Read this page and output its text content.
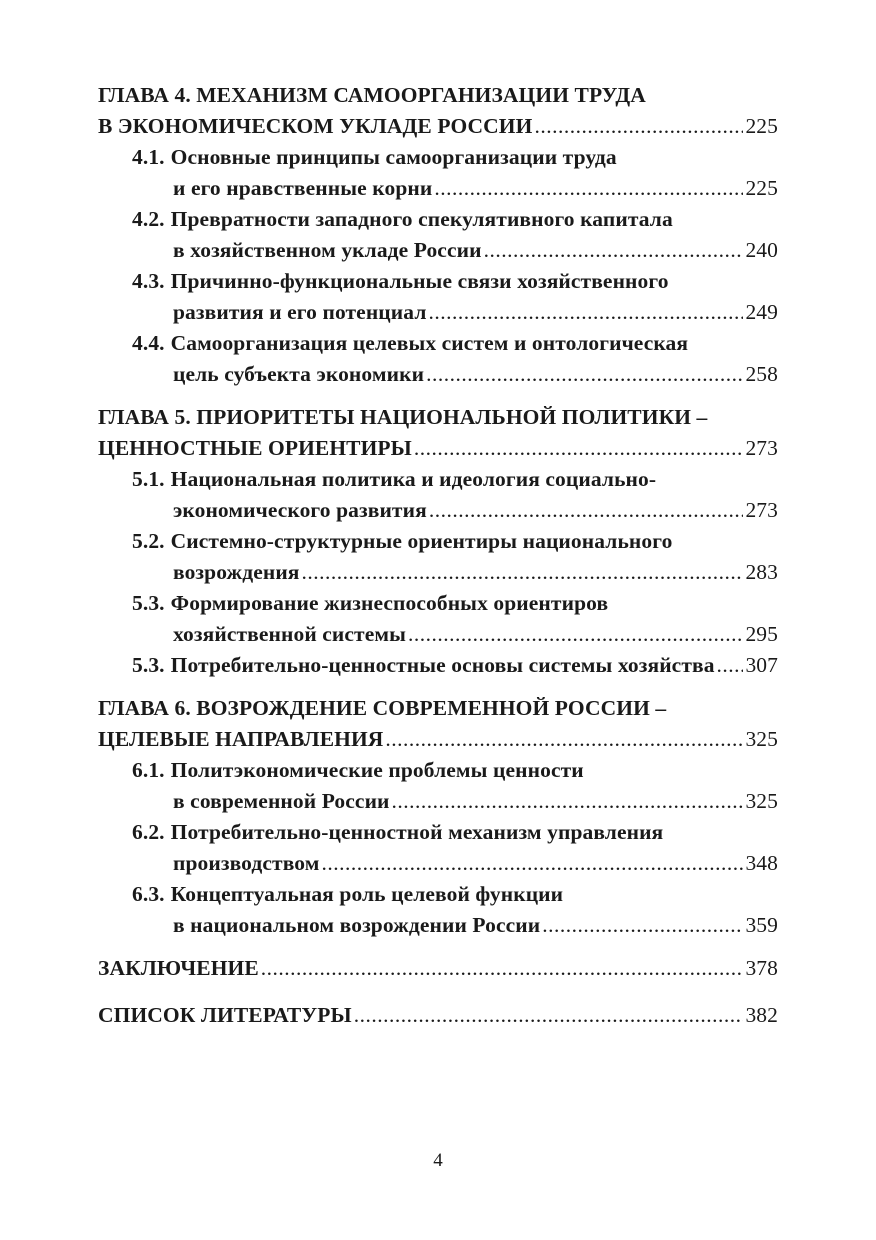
ГЛАВА 4. МЕХАНИЗМ САМООРГАНИЗАЦИИ ТРУДА
В ЭКОНОМИЧЕСКОМ УКЛАДЕ РОССИИ .....	225
4.1. Основные принципы самоорганизации труда
и его нравственные корни .....	225
4.2. Превратности западного спекулятивного капитала
в хозяйственном укладе России .....	240
4.3. Причинно-функциональные связи хозяйственного
развития и его потенциал .....	249
4.4. Самоорганизация целевых систем и онтологическая
цель субъекта экономики .....	258
ГЛАВА 5. ПРИОРИТЕТЫ НАЦИОНАЛЬНОЙ ПОЛИТИКИ –
ЦЕННОСТНЫЕ ОРИЕНТИРЫ .....	273
5.1. Национальная политика и идеология социально-
экономического развития .....	273
5.2. Системно-структурные ориентиры национального
возрождения .....	283
5.3. Формирование жизнеспособных ориентиров
хозяйственной системы .....	295
5.3. Потребительно-ценностные основы системы хозяйства ..... 307
ГЛАВА 6. ВОЗРОЖДЕНИЕ СОВРЕМЕННОЙ РОССИИ –
ЦЕЛЕВЫЕ НАПРАВЛЕНИЯ .....	325
6.1. Политэкономические проблемы ценности
в современной России .....	325
6.2. Потребительно-ценностной механизм управления
производством .....	348
6.3. Концептуальная роль целевой функции
в национальном возрождении России .....	359
ЗАКЛЮЧЕНИЕ .....	378
СПИСОК ЛИТЕРАТУРЫ .....	382
4
